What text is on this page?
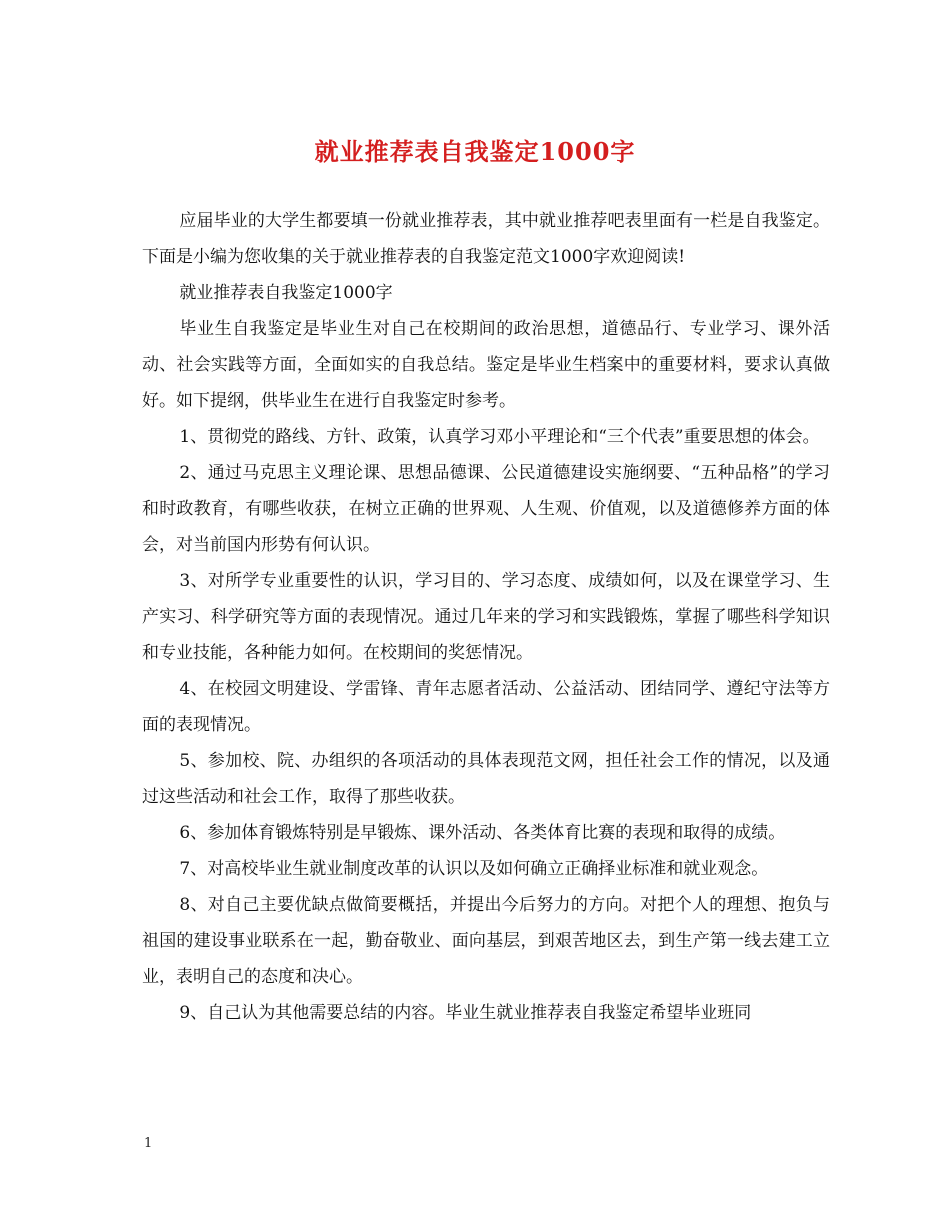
就业推荐表自我鉴定1000字

应届毕业的大学生都要填一份就业推荐表，其中就业推荐吧表里面有一栏是自我鉴定。下面是小编为您收集的关于就业推荐表的自我鉴定范文1000字欢迎阅读!

就业推荐表自我鉴定1000字

毕业生自我鉴定是毕业生对自己在校期间的政治思想，道德品行、专业学习、课外活动、社会实践等方面，全面如实的自我总结。鉴定是毕业生档案中的重要材料，要求认真做好。如下提纲，供毕业生在进行自我鉴定时参考。

1、贯彻党的路线、方针、政策，认真学习邓小平理论和“三个代表”重要思想的体会。

2、通过马克思主义理论课、思想品德课、公民道德建设实施纲要、“五种品格”的学习和时政教育，有哪些收获，在树立正确的世界观、人生观、价值观，以及道德修养方面的体会，对当前国内形势有何认识。

3、对所学专业重要性的认识，学习目的、学习态度、成绩如何，以及在课堂学习、生产实习、科学研究等方面的表现情况。通过几年来的学习和实践锻炼，掌握了哪些科学知识和专业技能，各种能力如何。在校期间的奖惩情况。

4、在校园文明建设、学雷锋、青年志愿者活动、公益活动、团结同学、遵纪守法等方面的表现情况。

5、参加校、院、办组织的各项活动的具体表现范文网，担任社会工作的情况，以及通过这些活动和社会工作，取得了那些收获。

6、参加体育锻炼特别是早锻炼、课外活动、各类体育比赛的表现和取得的成绩。

7、对高校毕业生就业制度改革的认识以及如何确立正确择业标准和就业观念。

8、对自己主要优缺点做简要概括，并提出今后努力的方向。对把个人的理想、抱负与祖国的建设事业联系在一起，勤奋敬业、面向基层，到艰苦地区去，到生产第一线去建工立业，表明自己的态度和决心。

9、自己认为其他需要总结的内容。毕业生就业推荐表自我鉴定希望毕业班同

1
